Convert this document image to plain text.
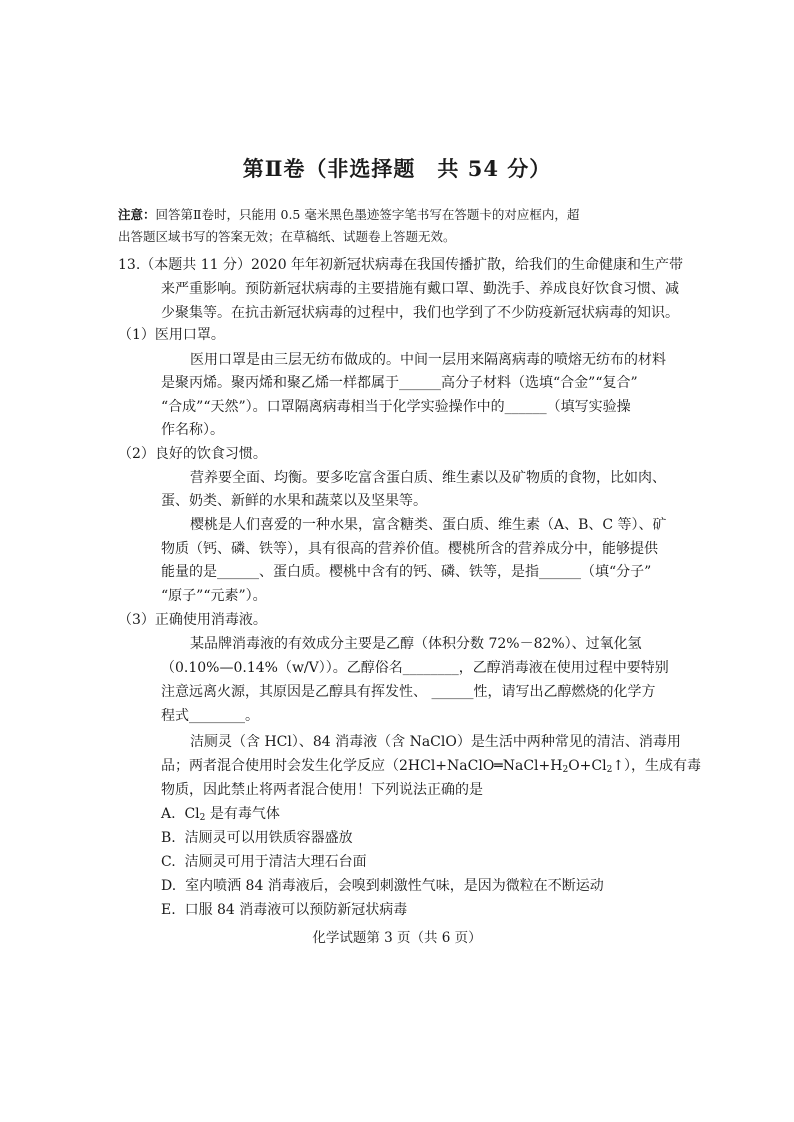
第Ⅱ卷（非选择题　共 54 分）
注意：回答第Ⅱ卷时，只能用 0.5 毫米黑色墨迹签字笔书写在答题卡的对应框内，超
出答题区域书写的答案无效；在草稿纸、试题卷上答题无效。
13.（本题共 11 分）2020 年年初新冠状病毒在我国传播扩散，给我们的生命健康和生产带
来严重影响。预防新冠状病毒的主要措施有戴口罩、勤洗手、养成良好饮食习惯、减
少聚集等。在抗击新冠状病毒的过程中，我们也学到了不少防疫新冠状病毒的知识。
（1）医用口罩。
医用口罩是由三层无纺布做成的。中间一层用来隔离病毒的喷熔无纺布的材料
是聚丙烯。聚丙烯和聚乙烯一样都属于______高分子材料（选填“合金”“复合”
“合成”“天然”）。口罩隔离病毒相当于化学实验操作中的______（填写实验操
作名称）。
（2）良好的饮食习惯。
营养要全面、均衡。要多吃富含蛋白质、维生素以及矿物质的食物，比如肉、
蛋、奶类、新鲜的水果和蔬菜以及坚果等。
樱桃是人们喜爱的一种水果，富含糖类、蛋白质、维生素（A、B、C 等）、矿
物质（钙、磷、铁等），具有很高的营养价值。樱桃所含的营养成分中，能够提供
能量的是______、蛋白质。樱桃中含有的钙、磷、铁等，是指______（填“分子”
“原子”“元素”）。
（3）正确使用消毒液。
某品牌消毒液的有效成分主要是乙醇（体积分数 72%－82%）、过氧化氢
（0.10%—0.14%（w/V））。乙醇俗名________，乙醇消毒液在使用过程中要特别
注意远离火源，其原因是乙醇具有挥发性、 ______性，请写出乙醇燃烧的化学方
程式________。
洁厕灵（含 HCl）、84 消毒液（含 NaClO）是生活中两种常见的清洁、消毒用
品；两者混合使用时会发生化学反应$(2HCl+NaClO═NaCl+H_2O+Cl_2↑)$，生成有毒
物质，因此禁止将两者混合使用！下列说法正确的是
A. $Cl_2$ 是有毒气体
B. 洁厕灵可以用铁质容器盛放
C. 洁厕灵可用于清洁大理石台面
D. 室内喷洒 84 消毒液后，会嗅到刺激性气味，是因为微粒在不断运动
E. 口服 84 消毒液可以预防新冠状病毒
化学试题第 3 页（共 6 页）
